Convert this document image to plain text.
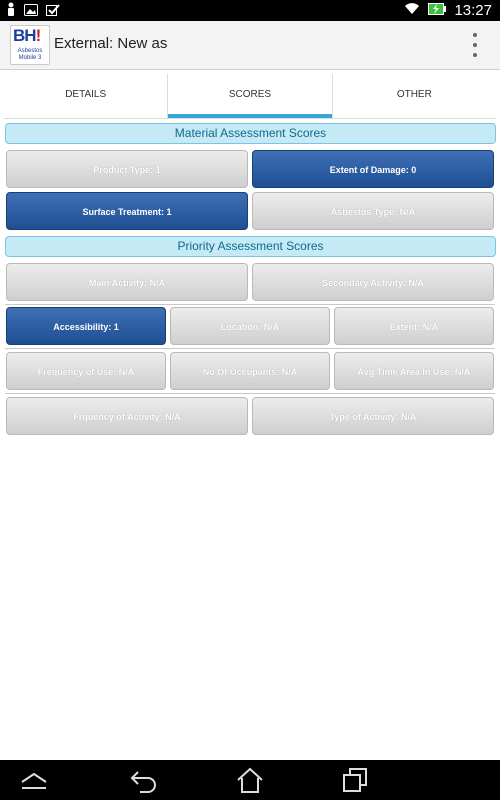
13:27
BH!
Asbestos
Mobile 3
External: New as
DETAILS	SCORES	OTHER
Material Assessment Scores
Product Type: 1	Extent of Damage: 0
Surface Treatment: 1	Asbestos Type: N/A
Priority Assessment Scores
Main Activity: N/A	Secondary Activity: N/A
Accessibility: 1	Location: N/A	Extent: N/A
Frequency of Use: N/A	No Of Occupants: N/A	Avg Time Area In Use: N/A
Frquency of Activity: N/A	Type of Activity: N/A
